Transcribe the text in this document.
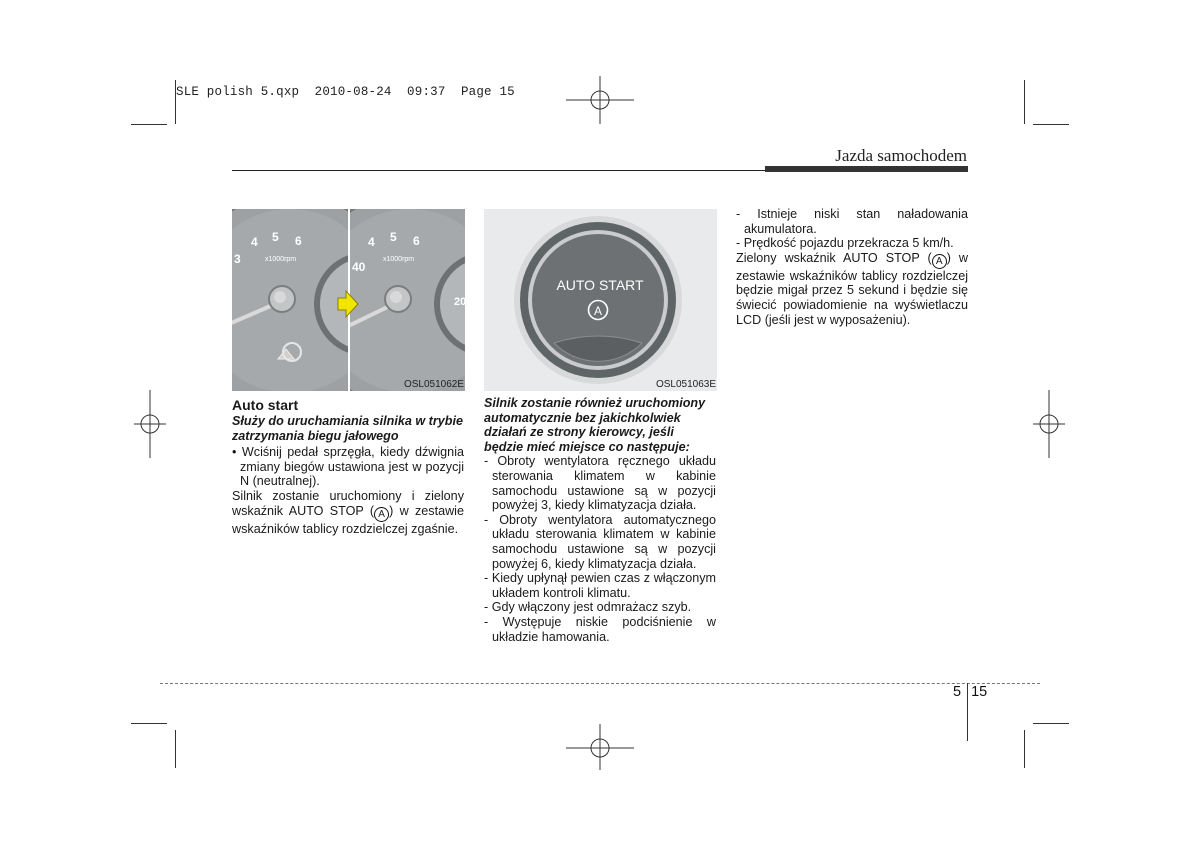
SLE polish 5.qxp  2010-08-24  09:37  Page 15
Jazda samochodem
3
4 5 6
x1000rpm
40
4 5 6
x1000rpm
20
OSL051062E
A
AUTO START
OSL051063E

Auto start

Służy do uruchamiania silnika w trybie zatrzymania biegu jałowego

• Wciśnij pedał sprzęgła, kiedy dźwignia zmiany biegów ustawiona jest w pozycji N (neutralnej).

Silnik zostanie uruchomiony i zielony wskaźnik AUTO STOP ( A ) w zestawie wskaźników tablicy rozdzielczej zgaśnie.

Silnik zostanie również uruchomiony automatycznie bez jakichkolwiek działań ze strony kierowcy, jeśli będzie mieć miejsce co następuje:

- Obroty wentylatora ręcznego układu sterowania klimatem w kabinie samochodu ustawione są w pozycji powyżej 3, kiedy klimatyzacja działa.

- Obroty wentylatora automatycznego układu sterowania klimatem w kabinie samochodu ustawione są w pozycji powyżej 6, kiedy klimatyzacja działa.

- Kiedy upłynął pewien czas z włączonym układem kontroli klimatu.

- Gdy włączony jest odmrażacz szyb.

- Występuje niskie podciśnienie w układzie hamowania.

- Istnieje niski stan naładowania akumulatora.

- Prędkość pojazdu przekracza 5 km/h.

Zielony wskaźnik AUTO STOP ( A ) w zestawie wskaźników tablicy rozdzielczej będzie migał przez 5 sekund i będzie się świecić powiadomienie na wyświetlaczu LCD (jeśli jest w wyposażeniu).

5 15
